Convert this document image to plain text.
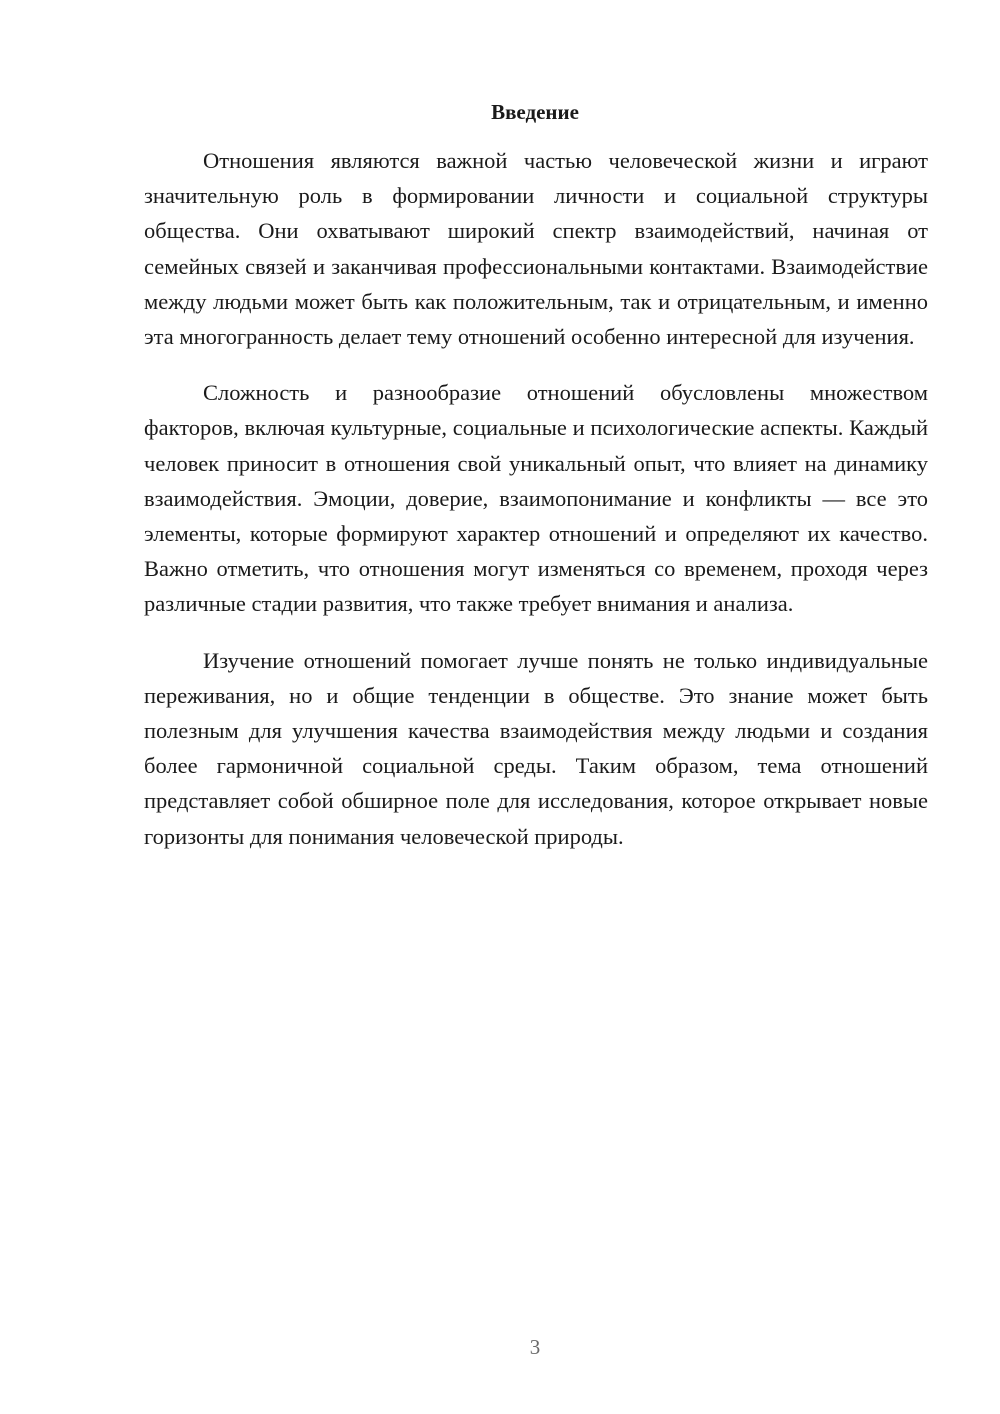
Введение

Отношения являются важной частью человеческой жизни и играют значительную роль в формировании личности и социальной структуры общества. Они охватывают широкий спектр взаимодействий, начиная от семейных связей и заканчивая профессиональными контактами. Взаимодействие между людьми может быть как положительным, так и отрицательным, и именно эта многогранность делает тему отношений особенно интересной для изучения.

Сложность и разнообразие отношений обусловлены множеством факторов, включая культурные, социальные и психологические аспекты. Каждый человек приносит в отношения свой уникальный опыт, что влияет на динамику взаимодействия. Эмоции, доверие, взаимопонимание и конфликты — все это элементы, которые формируют характер отношений и определяют их качество. Важно отметить, что отношения могут изменяться со временем, проходя через различные стадии развития, что также требует внимания и анализа.

Изучение отношений помогает лучше понять не только индивидуальные переживания, но и общие тенденции в обществе. Это знание может быть полезным для улучшения качества взаимодействия между людьми и создания более гармоничной социальной среды. Таким образом, тема отношений представляет собой обширное поле для исследования, которое открывает новые горизонты для понимания человеческой природы.

3
